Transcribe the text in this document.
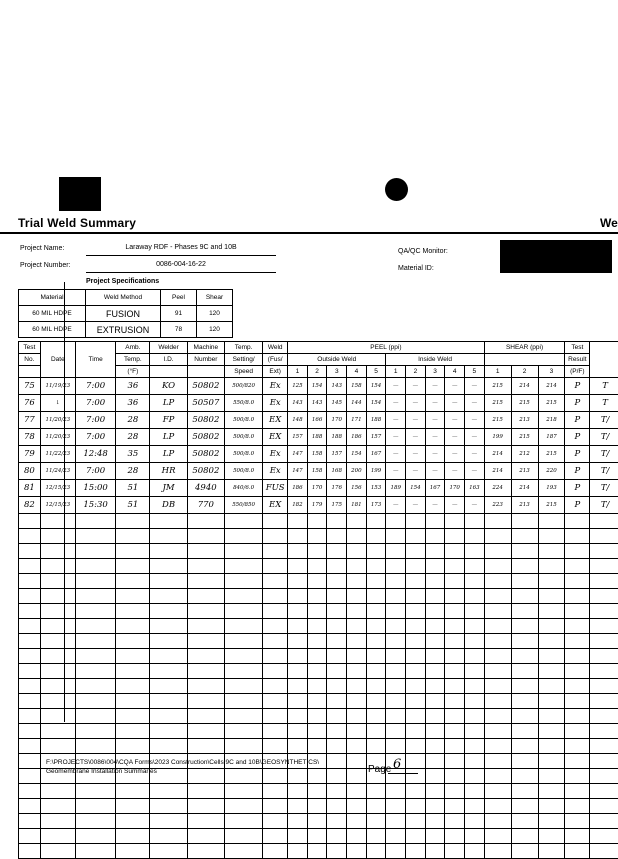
Trial Weld Summary	We
Project Name:	Laraway RDF - Phases 9C and 10B
Project Number:	0086-004-16-22
QA/QC Monitor:
Material ID:
Project Specifications
Material	Weld Method	Peel	Shear
60 MIL HDPE	FUSION	91	120
60 MIL HDPE	EXTRUSION	78	120
Test	Date	Time	Amb.	Welder	Machine	Temp.	Weld	PEEL (ppi)										SHEAR (ppi)			Test	
No.			Temp.	I.D.	Number	Setting/	(Fus/	Outside Weld					Inside Weld								Result	
			(°F)			Speed	Ext)	1	2	3	4	5	1	2	3	4	5	1	2	3	(P/F)	
75	11/19/23	7:00	36	KO	50802	500/820	Ex	125	154	143	158	154	—	—	—	—	—	215	214	214	P	T
76	↓	7:00	36	LP	50507	550/8.0	Ex	143	143	145	144	154	—	—	—	—	—	215	215	215	P	T
77	11/20/23	7:00	28	FP	50802	500/8.0	EX	148	166	170	171	188	—	—	—	—	—	215	213	218	P	T/
78	11/20/23	7:00	28	LP	50802	500/8.0	EX	157	188	188	186	157	—	—	—	—	—	199	215	187	P	T/
79	11/22/23	12:48	35	LP	50802	500/8.0	Ex	147	158	157	154	167	—	—	—	—	—	214	212	215	P	T/
80	11/24/23	7:00	28	HR	50802	500/8.0	Ex	147	158	168	200	199	—	—	—	—	—	214	213	220	P	T/
81	12/15/23	15:00	51	JM	4940	840/6.0	FUS	186	170	176	156	153	189	154	167	170	163	224	214	193	P	T/
82	12/15/23	15:30	51	DB	770	550/850	EX	182	179	175	181	173	—	—	—	—	—	223	213	215	P	T/

F:\PROJECTS\0086\004\CQA Forms\2023 Construction\Cells 9C and 10B\GEOSYNTHETICS\
Geomembrane Installation Summaries	Page 6
